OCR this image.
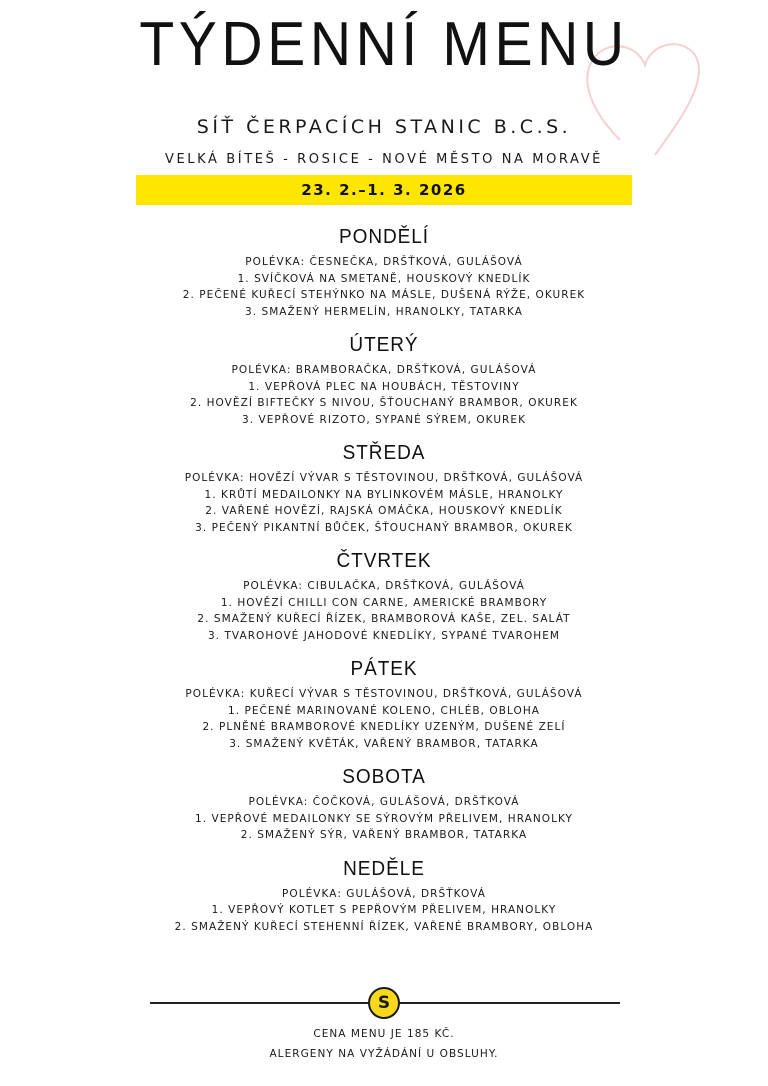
TÝDENNÍ MENU
SÍŤ ČERPACÍCH STANIC B.C.S.
VELKÁ BÍTEŠ - ROSICE - NOVÉ MĚSTO NA MORAVĚ
23. 2.–1. 3. 2026
PONDĚLÍ
POLÉVKA: ČESNEČKA, DRŠŤKOVÁ, GULÁŠOVÁ
1. SVÍČKOVÁ NA SMETANĚ, HOUSKOVÝ KNEDLÍK
2. PEČENÉ KUŘECÍ STEHÝNKO NA MÁSLE, DUŠENÁ RÝŽE, OKUREK
3. SMAŽENÝ HERMELÍN, HRANOLKY, TATARKA
ÚTERÝ
POLÉVKA: BRAMBORAČKA, DRŠŤKOVÁ, GULÁŠOVÁ
1. VEPŘOVÁ PLEC NA HOUBÁCH, TĚSTOVINY
2. HOVĚZÍ BIFTEČKY S NIVOU, ŠŤOUCHANÝ BRAMBOR, OKUREK
3. VEPŘOVÉ RIZOTO, SYPANÉ SÝREM, OKUREK
STŘEDA
POLÉVKA: HOVĚZÍ VÝVAR S TĚSTOVINOU, DRŠŤKOVÁ, GULÁŠOVÁ
1. KRŮTÍ MEDAILONKY NA BYLINKOVÉM MÁSLE, HRANOLKY
2. VAŘENÉ HOVĚZÍ, RAJSKÁ OMÁČKA, HOUSKOVÝ KNEDLÍK
3. PEČENÝ PIKANTNÍ BŮČEK, ŠŤOUCHANÝ BRAMBOR, OKUREK
ČTVRTEK
POLÉVKA: CIBULAČKA, DRŠŤKOVÁ, GULÁŠOVÁ
1. HOVĚZÍ CHILLI CON CARNE, AMERICKÉ BRAMBORY
2. SMAŽENÝ KUŘECÍ ŘÍZEK, BRAMBOROVÁ KAŠE, ZEL. SALÁT
3. TVAROHOVÉ JAHODOVÉ KNEDLÍKY, SYPANÉ TVAROHEM
PÁTEK
POLÉVKA: KUŘECÍ VÝVAR S TĚSTOVINOU, DRŠŤKOVÁ, GULÁŠOVÁ
1. PEČENÉ MARINOVANÉ KOLENO, CHLÉB, OBLOHA
2. PLNĚNÉ BRAMBOROVÉ KNEDLÍKY UZENÝM, DUŠENÉ ZELÍ
3. SMAŽENÝ KVĚTÁK, VAŘENÝ BRAMBOR, TATARKA
SOBOTA
POLÉVKA: ČOČKOVÁ, GULÁŠOVÁ, DRŠŤKOVÁ
1. VEPŘOVÉ MEDAILONKY SE SÝROVÝM PŘELIVEM, HRANOLKY
2. SMAŽENÝ SÝR, VAŘENÝ BRAMBOR, TATARKA
NEDĚLE
POLÉVKA: GULÁŠOVÁ, DRŠŤKOVÁ
1. VEPŘOVÝ KOTLET S PEPŘOVÝM PŘELIVEM, HRANOLKY
2. SMAŽENÝ KUŘECÍ STEHENNÍ ŘÍZEK, VAŘENÉ BRAMBORY, OBLOHA
S
CENA MENU JE 185 KČ.
ALERGENY NA VYŽÁDÁNÍ U OBSLUHY.
